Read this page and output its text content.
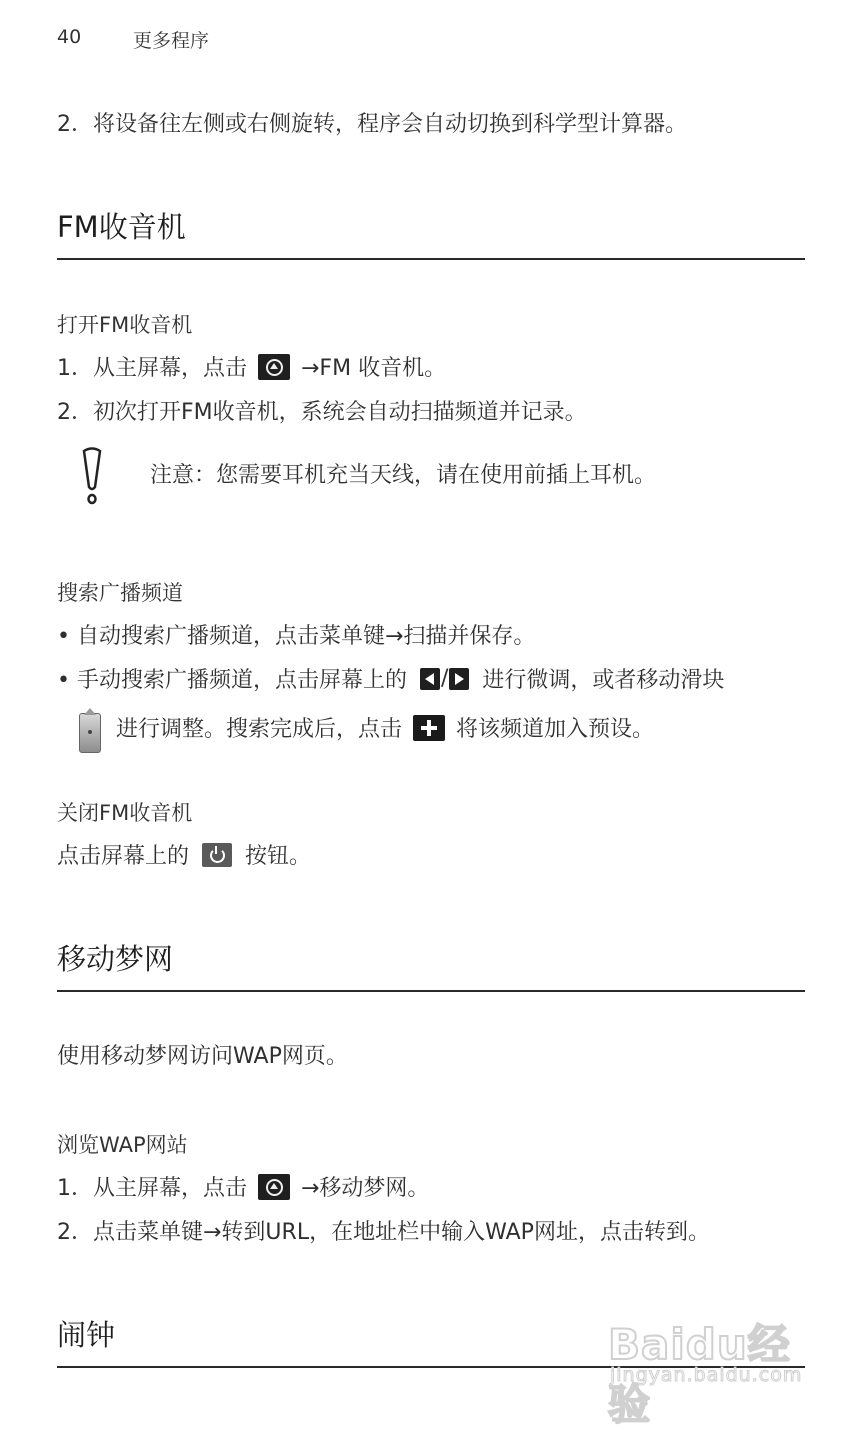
40	更多程序
2．将设备往左侧或右侧旋转，程序会自动切换到科学型计算器。
FM收音机
打开FM收音机
1．从主屏幕，点击 →FM 收音机。
2．初次打开FM收音机，系统会自动扫描频道并记录。
注意：您需要耳机充当天线，请在使用前插上耳机。
搜索广播频道
• 自动搜索广播频道，点击菜单键→扫描并保存。
• 手动搜索广播频道，点击屏幕上的 / 进行微调，或者移动滑块
进行调整。搜索完成后，点击 将该频道加入预设。
关闭FM收音机
点击屏幕上的	按钮。
移动梦网
使用移动梦网访问WAP网页。
浏览WAP网站
1．从主屏幕，点击 →移动梦网。
2．点击菜单键→转到URL，在地址栏中输入WAP网址，点击转到。
闹钟	Baidu经验
jingyan.baidu.com
